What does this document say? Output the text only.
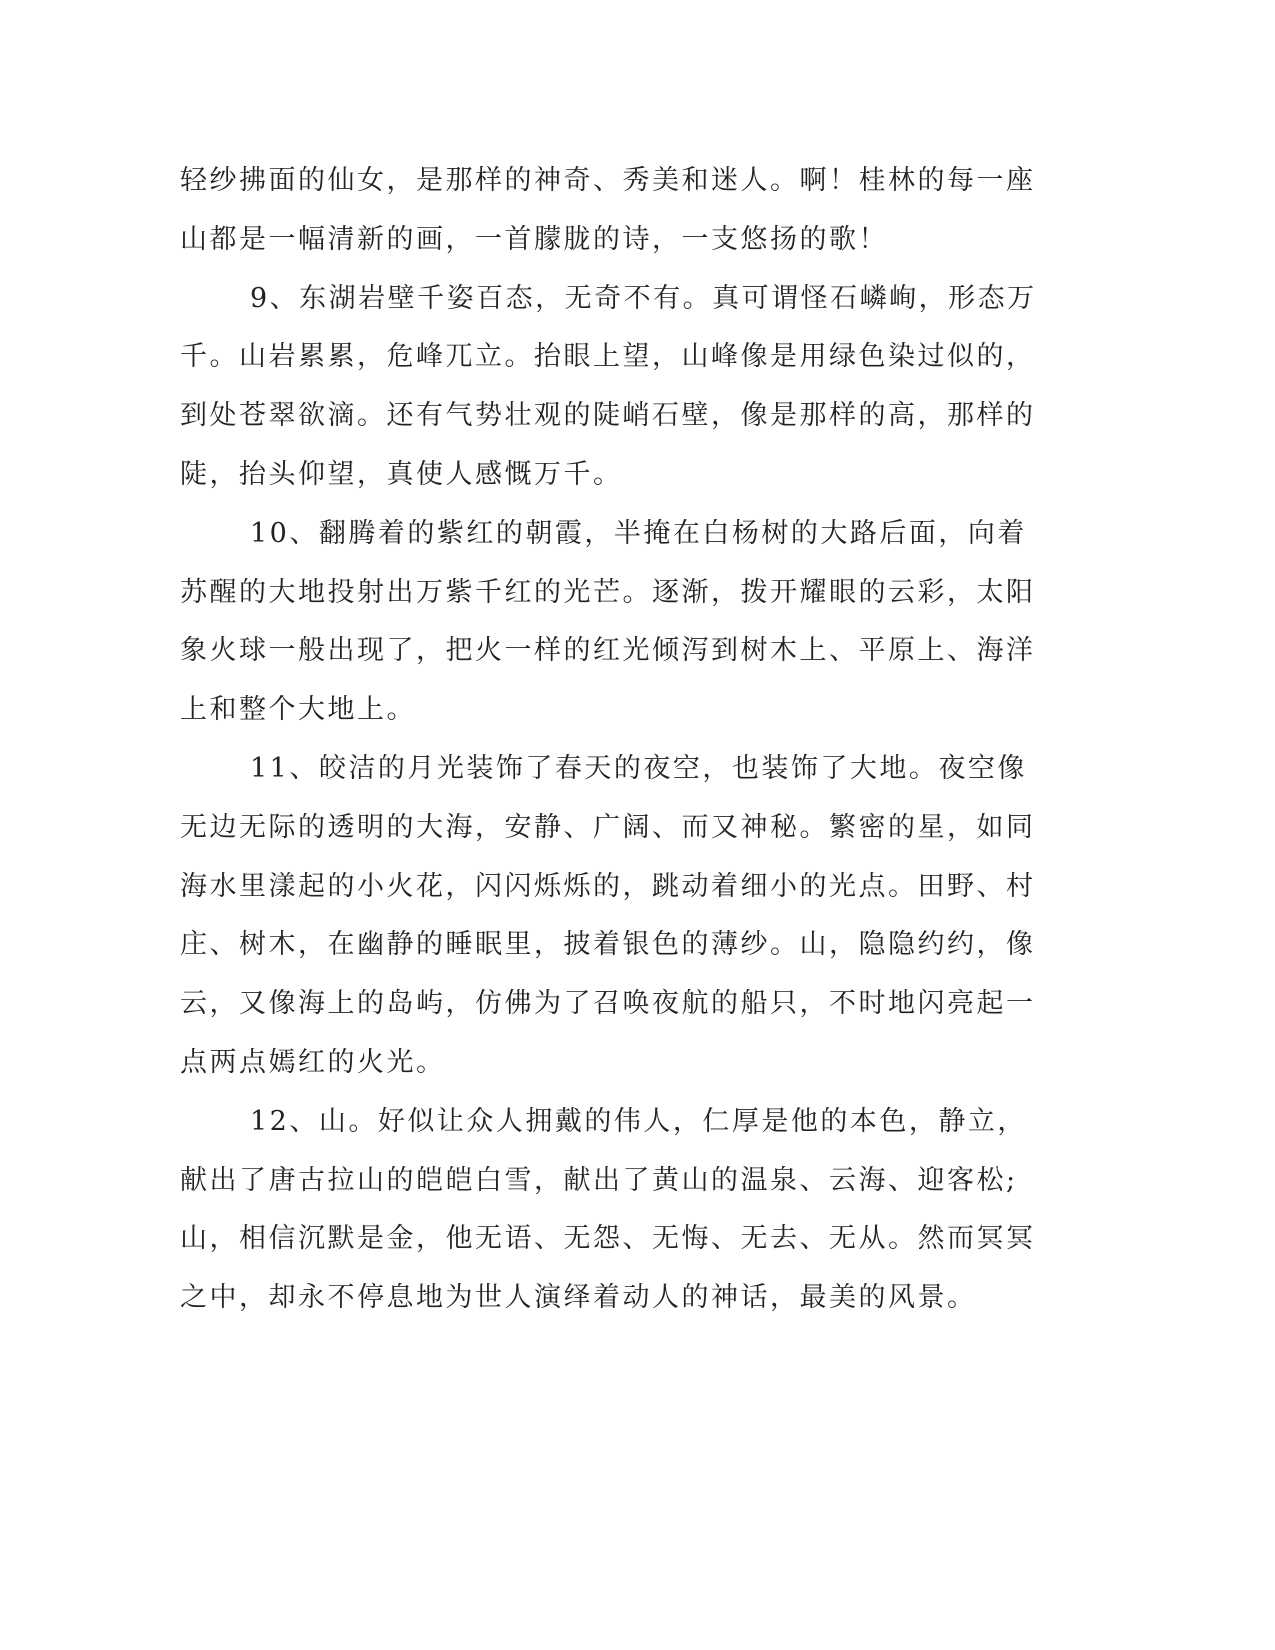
轻纱拂面的仙女，是那样的神奇、秀美和迷人。啊！桂林的每一座山都是一幅清新的画，一首朦胧的诗，一支悠扬的歌！

9、东湖岩壁千姿百态，无奇不有。真可谓怪石嶙峋，形态万千。山岩累累，危峰兀立。抬眼上望，山峰像是用绿色染过似的，到处苍翠欲滴。还有气势壮观的陡峭石壁，像是那样的高，那样的陡，抬头仰望，真使人感慨万千。

10、翻腾着的紫红的朝霞，半掩在白杨树的大路后面，向着苏醒的大地投射出万紫千红的光芒。逐渐，拨开耀眼的云彩，太阳象火球一般出现了，把火一样的红光倾泻到树木上、平原上、海洋上和整个大地上。

11、皎洁的月光装饰了春天的夜空，也装饰了大地。夜空像无边无际的透明的大海，安静、广阔、而又神秘。繁密的星，如同海水里漾起的小火花，闪闪烁烁的，跳动着细小的光点。田野、村庄、树木，在幽静的睡眠里，披着银色的薄纱。山，隐隐约约，像云，又像海上的岛屿，仿佛为了召唤夜航的船只，不时地闪亮起一点两点嫣红的火光。

12、山。好似让众人拥戴的伟人，仁厚是他的本色，静立，献出了唐古拉山的皑皑白雪，献出了黄山的温泉、云海、迎客松;山，相信沉默是金，他无语、无怨、无悔、无去、无从。然而冥冥之中，却永不停息地为世人演绎着动人的神话，最美的风景。
